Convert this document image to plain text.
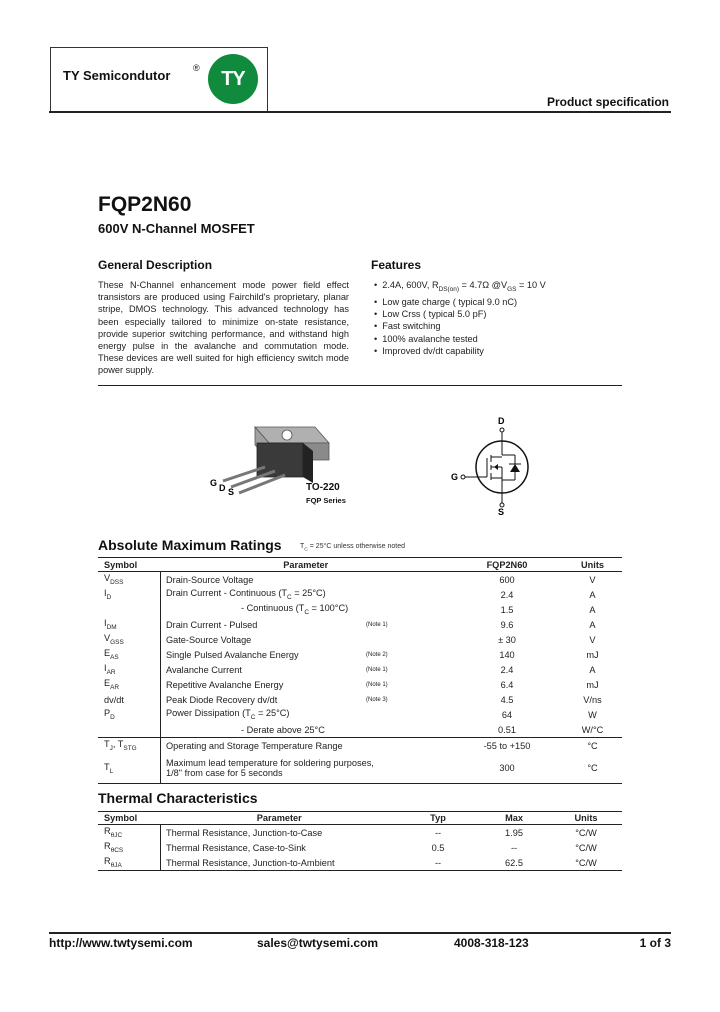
TY Semicondutor	®	TY
Product specification
FQP2N60
600V N-Channel MOSFET
General Description
These N-Channel enhancement mode power field effect transistors are produced using Fairchild's proprietary, planar stripe, DMOS technology. This advanced technology has been especially tailored to minimize on-state resistance, provide superior switching performance, and withstand high energy pulse in the avalanche and commutation mode. These devices are well suited for high efficiency switch mode power supply.
Features
• 2.4A, 600V, $R_{DS(on)} = 4.7\Omega$ $@V_{GS} = 10$ V
• Low gate charge ( typical 9.0 nC)
• Low Crss ( typical 5.0 pF)
• Fast switching
• 100% avalanche tested
• Improved dv/dt capability
G D S	TO-220
FQP Series
D
G
S
Absolute Maximum Ratings	$T_C = 25^\circ C$ unless otherwise noted
Symbol	Parameter		FQP2N60	Units
$V_{DSS}$	Drain-Source Voltage		600	V
$I_D$	Drain Current - Continuous $(T_C = 25^\circ C)$		2.4	A
	- Continuous $(T_C = 100^\circ C)$		1.5	A
$I_{DM}$	Drain Current - Pulsed	(Note 1)	9.6	A
$V_{GSS}$	Gate-Source Voltage		± 30	V
$E_{AS}$	Single Pulsed Avalanche Energy	(Note 2)	140	mJ
$I_{AR}$	Avalanche Current	(Note 1)	2.4	A
$E_{AR}$	Repetitive Avalanche Energy	(Note 1)	6.4	mJ
dv/dt	Peak Diode Recovery dv/dt	(Note 3)	4.5	V/ns
$P_D$	Power Dissipation $(T_C = 25^\circ C)$		64	W
	- Derate above 25°C		0.51	W/°C
$T_J$, $T_{STG}$	Operating and Storage Temperature Range		-55 to +150	°C
$T_L$	Maximum lead temperature for soldering purposes,
1/8" from case for 5 seconds		300	°C
Thermal Characteristics
Symbol	Parameter	Typ	Max	Units
$R_{\theta JC}$	Thermal Resistance, Junction-to-Case	--	1.95	°C/W
$R_{\theta CS}$	Thermal Resistance, Case-to-Sink	0.5	--	°C/W
$R_{\theta JA}$	Thermal Resistance, Junction-to-Ambient	--	62.5	°C/W
http://www.twtysemi.com	sales@twtysemi.com	4008-318-123	1 of 3
